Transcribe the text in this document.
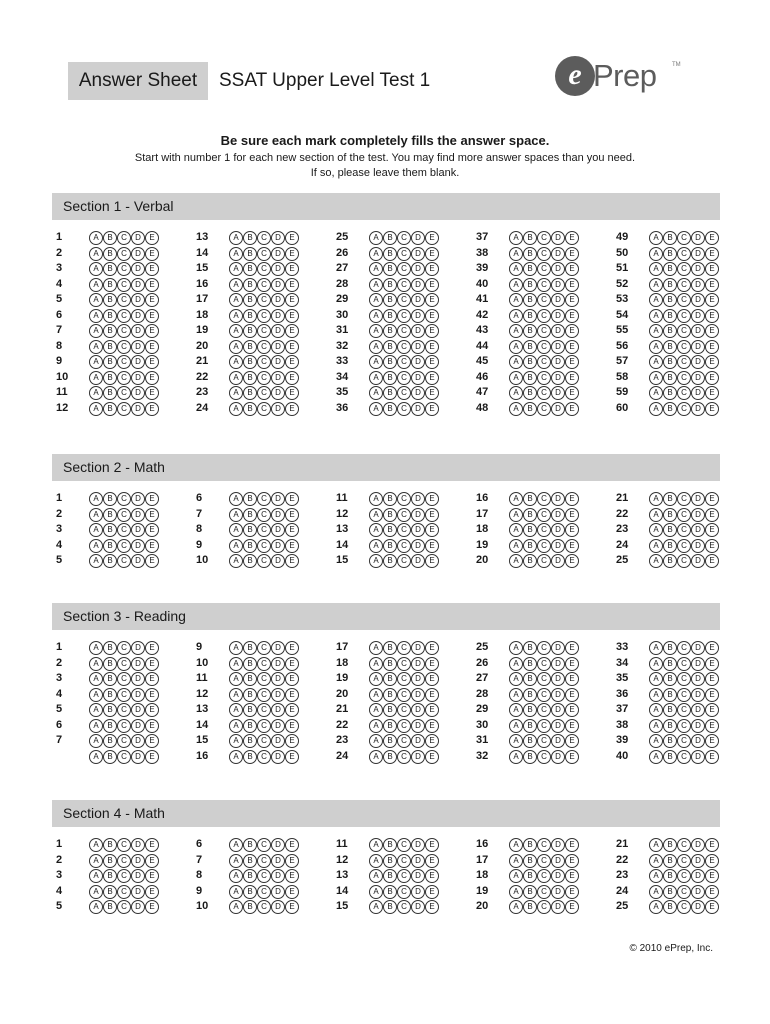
Answer Sheet	SSAT Upper Level Test 1	e Prep	TM
Be sure each mark completely fills the answer space.
Start with number 1 for each new section of the test. You may find more answer spaces than you need.
If so, please leave them blank.
Section 1 - Verbal
1	A B C D E
2	A B C D E
3	A B C D E
4	A B C D E
5	A B C D E
6	A B C D E
7	A B C D E
8	A B C D E
9	A B C D E
10	A B C D E
11	A B C D E
12	A B C D E
13	A B C D E
14	A B C D E
15	A B C D E
16	A B C D E
17	A B C D E
18	A B C D E
19	A B C D E
20	A B C D E
21	A B C D E
22	A B C D E
23	A B C D E
24	A B C D E
25	A B C D E
26	A B C D E
27	A B C D E
28	A B C D E
29	A B C D E
30	A B C D E
31	A B C D E
32	A B C D E
33	A B C D E
34	A B C D E
35	A B C D E
36	A B C D E
37	A B C D E
38	A B C D E
39	A B C D E
40	A B C D E
41	A B C D E
42	A B C D E
43	A B C D E
44	A B C D E
45	A B C D E
46	A B C D E
47	A B C D E
48	A B C D E
49	A B C D E
50	A B C D E
51	A B C D E
52	A B C D E
53	A B C D E
54	A B C D E
55	A B C D E
56	A B C D E
57	A B C D E
58	A B C D E
59	A B C D E
60	A B C D E
Section 2 - Math
1	A B C D E
2	A B C D E
3	A B C D E
4	A B C D E
5	A B C D E
6	A B C D E
7	A B C D E
8	A B C D E
9	A B C D E
10	A B C D E
11	A B C D E
12	A B C D E
13	A B C D E
14	A B C D E
15	A B C D E
16	A B C D E
17	A B C D E
18	A B C D E
19	A B C D E
20	A B C D E
21	A B C D E
22	A B C D E
23	A B C D E
24	A B C D E
25	A B C D E
Section 3 - Reading
1	A B C D E
2	A B C D E
3	A B C D E
4	A B C D E
5	A B C D E
6	A B C D E
7	A B C D E
A B C D E
9	A B C D E
10	A B C D E
11	A B C D E
12	A B C D E
13	A B C D E
14	A B C D E
15	A B C D E
16	A B C D E
17	A B C D E
18	A B C D E
19	A B C D E
20	A B C D E
21	A B C D E
22	A B C D E
23	A B C D E
24	A B C D E
25	A B C D E
26	A B C D E
27	A B C D E
28	A B C D E
29	A B C D E
30	A B C D E
31	A B C D E
32	A B C D E
33	A B C D E
34	A B C D E
35	A B C D E
36	A B C D E
37	A B C D E
38	A B C D E
39	A B C D E
40	A B C D E
Section 4 - Math
1	A B C D E
2	A B C D E
3	A B C D E
4	A B C D E
5	A B C D E
6	A B C D E
7	A B C D E
8	A B C D E
9	A B C D E
10	A B C D E
11	A B C D E
12	A B C D E
13	A B C D E
14	A B C D E
15	A B C D E
16	A B C D E
17	A B C D E
18	A B C D E
19	A B C D E
20	A B C D E
21	A B C D E
22	A B C D E
23	A B C D E
24	A B C D E
25	A B C D E
© 2010 ePrep, Inc.
